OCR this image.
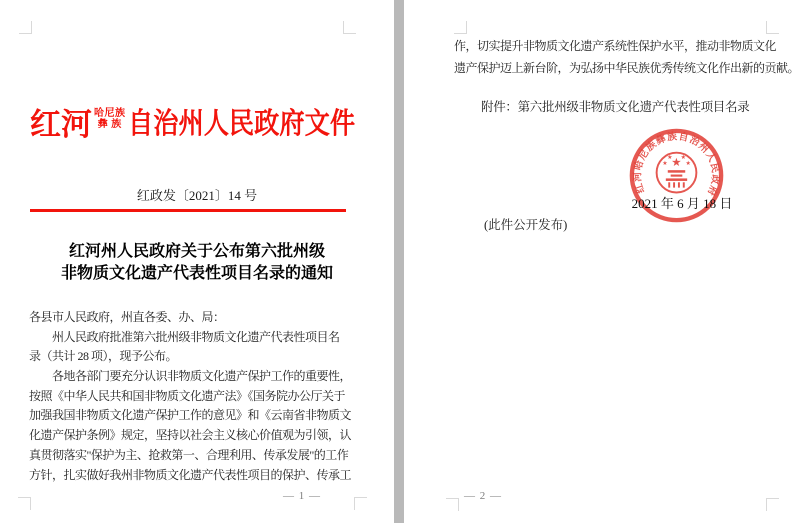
红河 哈尼族
彝 族 自治州人民政府文件
红政发〔2021〕14 号
红河州人民政府关于公布第六批州级
非物质文化遗产代表性项目名录的通知
各县市人民政府，州直各委、办、局：
　　州人民政府批准第六批州级非物质文化遗产代表性项目名
录（共计 28 项），现予公布。
　　各地各部门要充分认识非物质文化遗产保护工作的重要性，
按照《中华人民共和国非物质文化遗产法》《国务院办公厅关于
加强我国非物质文化遗产保护工作的意见》和《云南省非物质文
化遗产保护条例》规定，坚持以社会主义核心价值观为引领，认
真贯彻落实"保护为主、抢救第一、合理利用、传承发展"的工作
方针，扎实做好我州非物质文化遗产代表性项目的保护、传承工
— 1 —
作，切实提升非物质文化遗产系统性保护水平，推动非物质文化
遗产保护迈上新台阶，为弘扬中华民族优秀传统文化作出新的贡献。
附件：第六批州级非物质文化遗产代表性项目名录
红河哈尼族彝族自治州人民政府
★
★
★ ★
★
2021 年 6 月 18 日
(此件公开发布)
— 2 —
